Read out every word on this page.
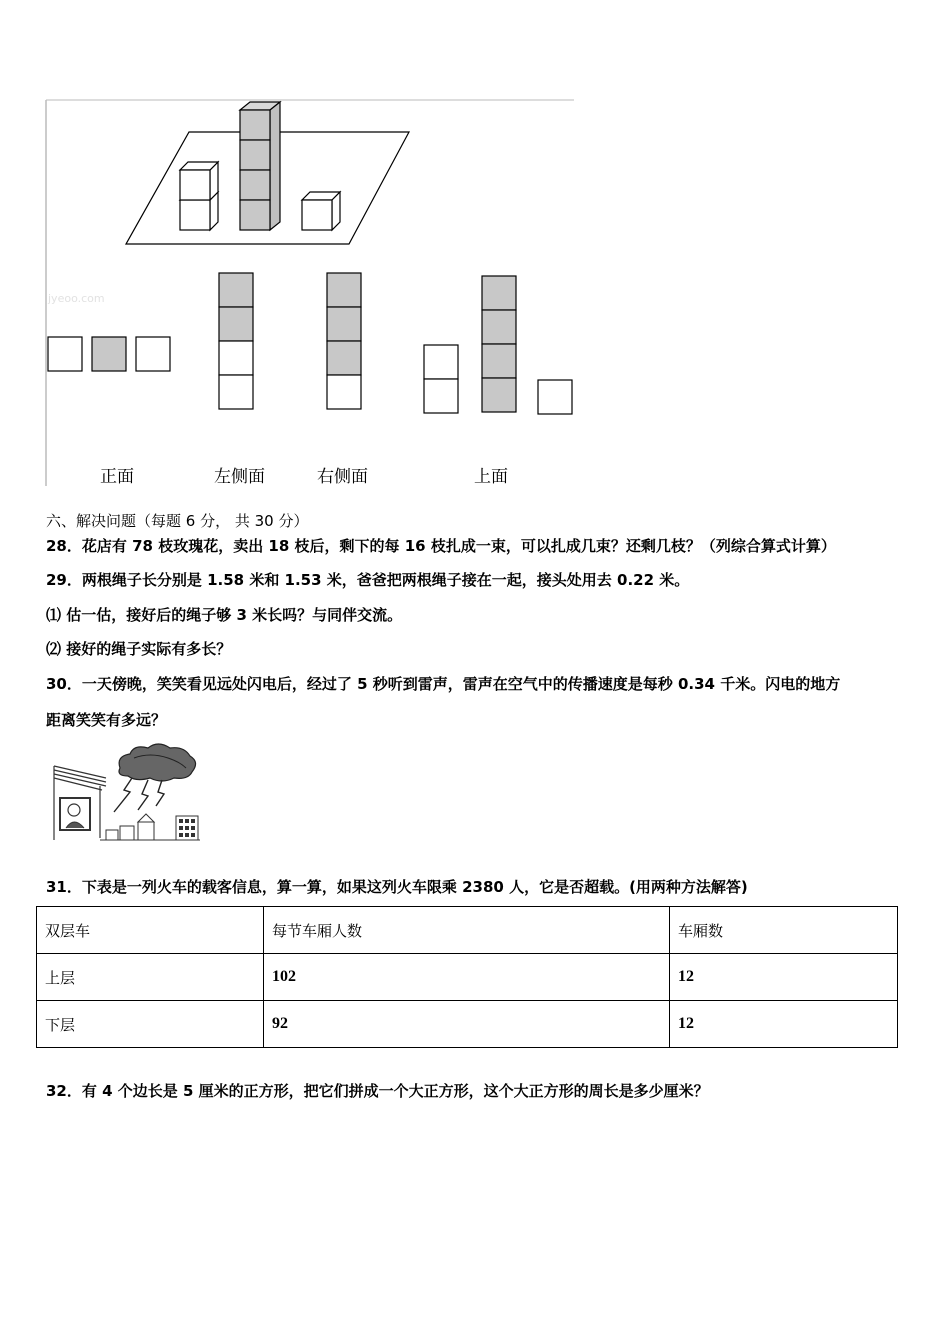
jyeoo.com
正面	左侧面	右侧面	上面
六、解决问题（每题 6 分， 共 30 分）
28．花店有 78 枝玫瑰花，卖出 18 枝后，剩下的每 16 枝扎成一束，可以扎成几束？还剩几枝？（列综合算式计算）
29．两根绳子长分别是 1.58 米和 1.53 米，爸爸把两根绳子接在一起，接头处用去 0.22 米。
⑴ 估一估，接好后的绳子够 3 米长吗？与同伴交流。
⑵ 接好的绳子实际有多长？
30．一天傍晚，笑笑看见远处闪电后，经过了 5 秒听到雷声，雷声在空气中的传播速度是每秒 0.34 千米。闪电的地方
距离笑笑有多远？
31．下表是一列火车的载客信息，算一算，如果这列火车限乘 2380 人，它是否超载。(用两种方法解答)
双层车	每节车厢人数	车厢数
上层	102	12
下层	92	12
32．有 4 个边长是 5 厘米的正方形，把它们拼成一个大正方形，这个大正方形的周长是多少厘米？
